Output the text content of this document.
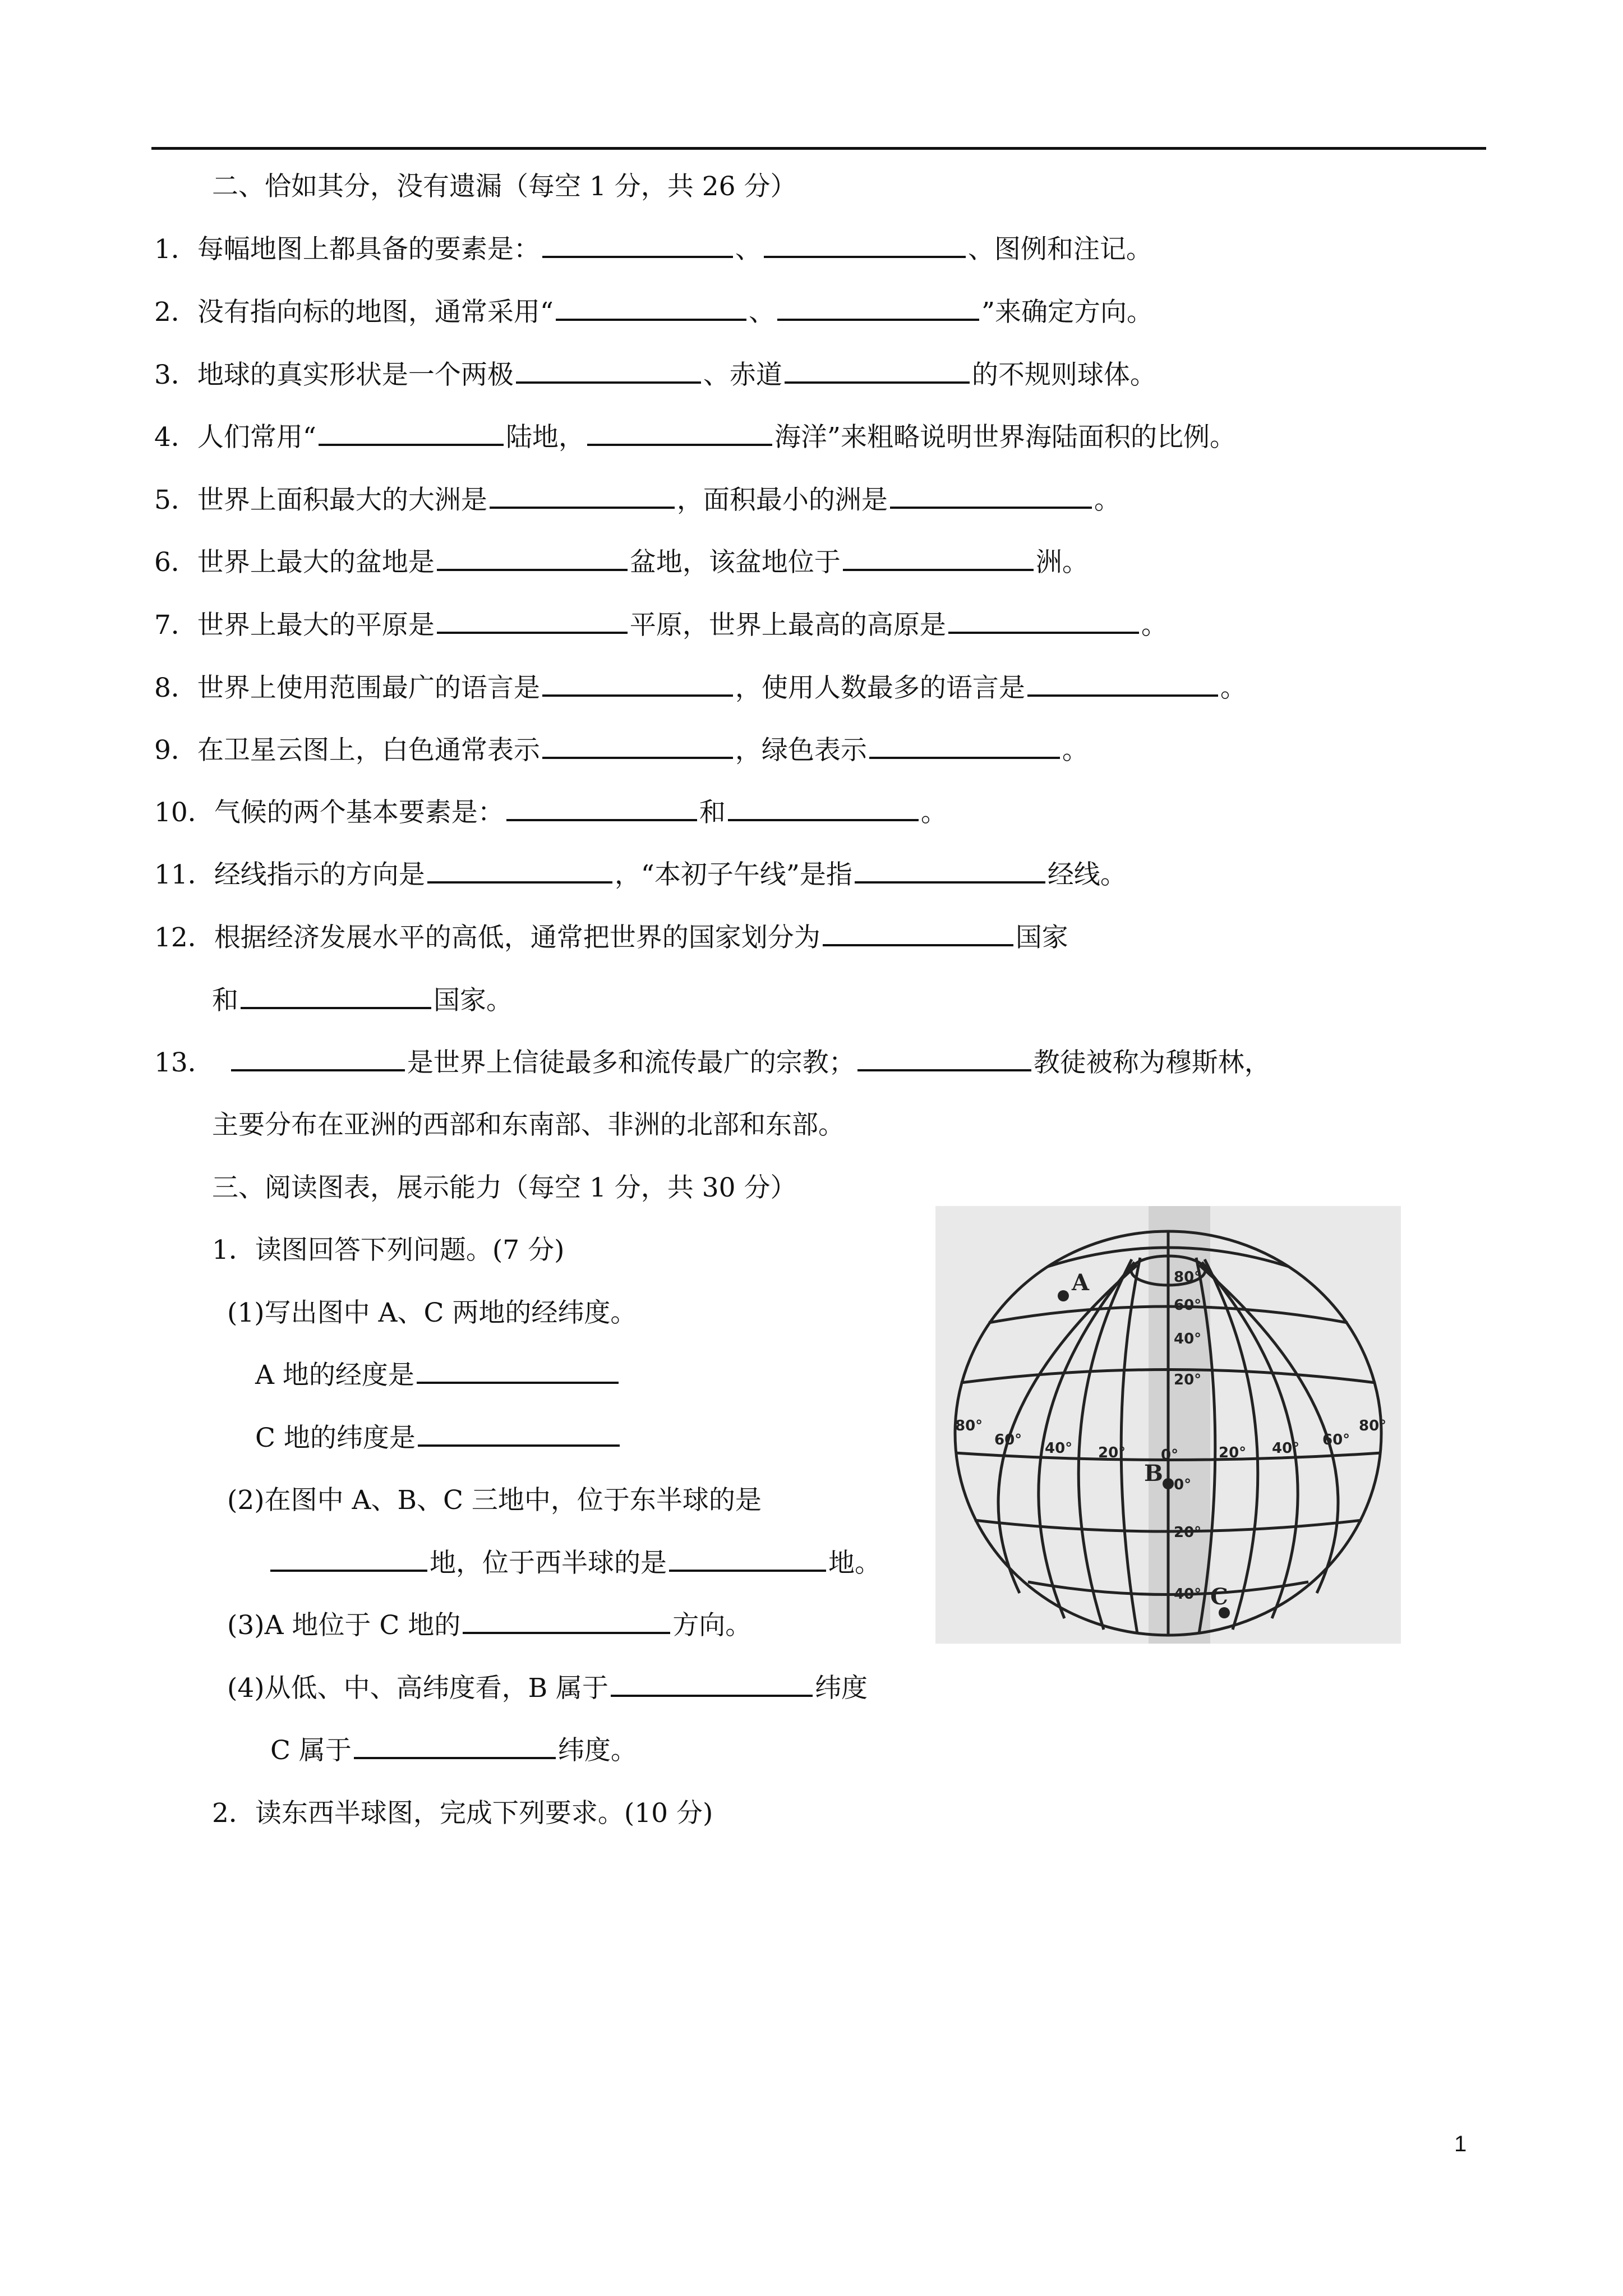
二、恰如其分，没有遗漏（每空 1 分，共 26 分）
1．每幅地图上都具备的要素是：	、	、图例和注记。
2．没有指向标的地图，通常采用“	、	”来确定方向。
3．地球的真实形状是一个两极	、赤道	的不规则球体。
4．人们常用“	陆地，	海洋”来粗略说明世界海陆面积的比例。
5．世界上面积最大的大洲是	，面积最小的洲是	。
6．世界上最大的盆地是	盆地，该盆地位于	洲。
7．世界上最大的平原是	平原，世界上最高的高原是	。
8．世界上使用范围最广的语言是	，使用人数最多的语言是	。
9．在卫星云图上，白色通常表示	，绿色表示	。
10．气候的两个基本要素是：	和	。
11．经线指示的方向是	，“本初子午线”是指	经线。
12．根据经济发展水平的高低，通常把世界的国家划分为	国家
和	国家。
13．	是世界上信徒最多和流传最广的宗教；	教徒被称为穆斯林，
主要分布在亚洲的西部和东南部、非洲的北部和东部。
三、阅读图表，展示能力（每空 1 分，共 30 分）
1．读图回答下列问题。(7 分)
(1)写出图中 A、C 两地的经纬度。
A 地的经度是
C 地的纬度是
(2)在图中 A、B、C 三地中，位于东半球的是
地，位于西半球的是	地。
(3)A 地位于 C 地的	方向。
(4)从低、中、高纬度看，B 属于	纬度
C 属于	纬度。
2．读东西半球图，完成下列要求。(10 分)
80°
60° 40° 20° 0°	20° 40° 60°
80°
80°
60°
40°
20°
0°
20°
40°
A
B
C
1
